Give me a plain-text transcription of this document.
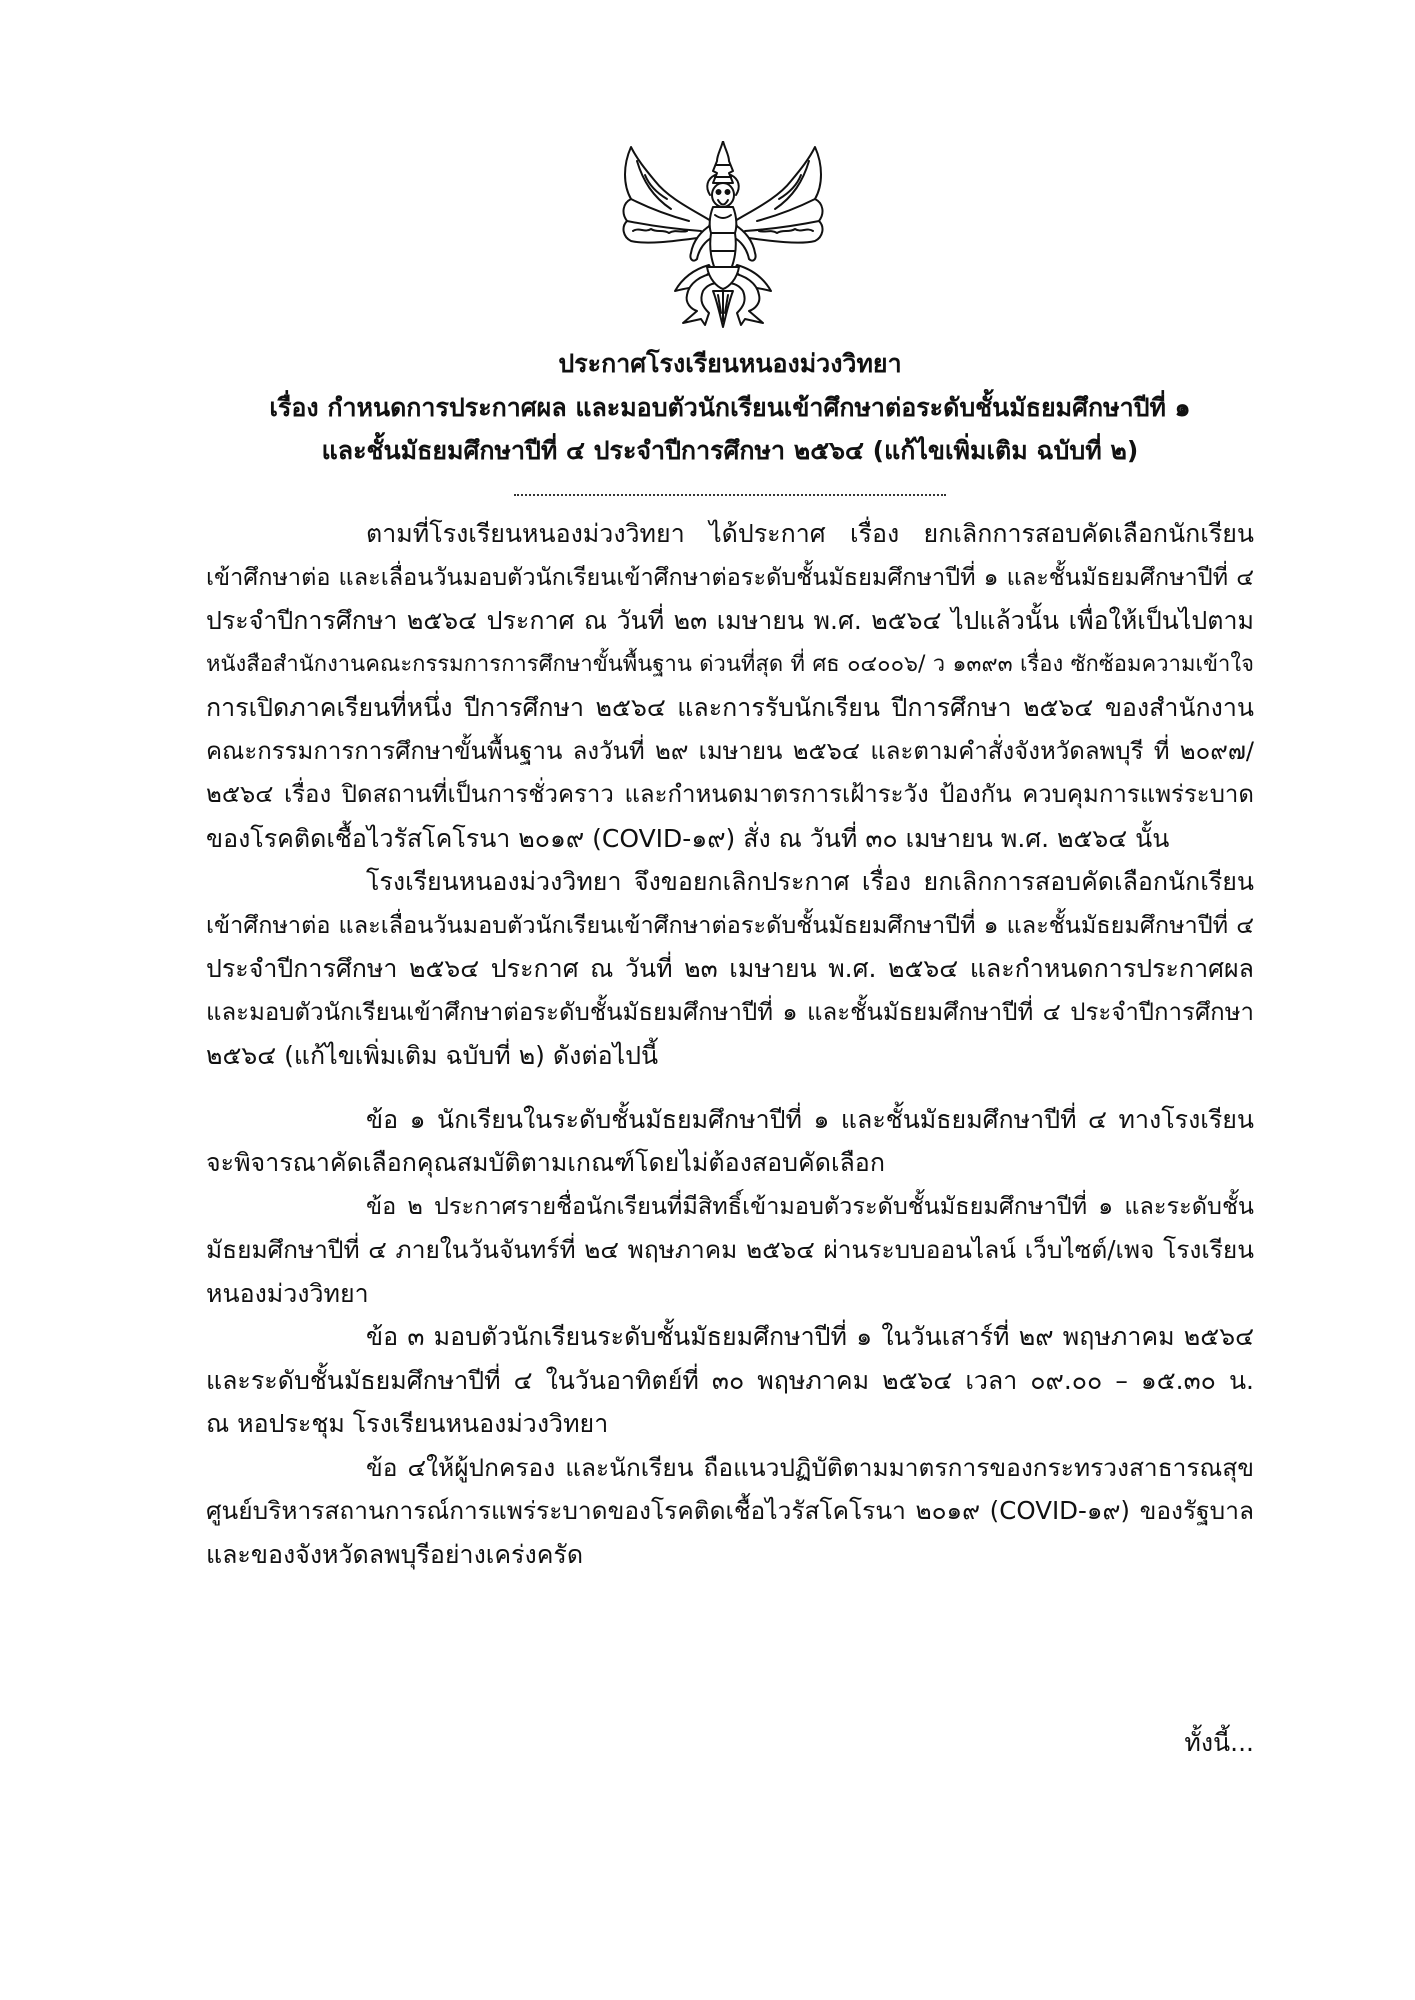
ประกาศโรงเรียนหนองม่วงวิทยา
เรื่อง กำหนดการประกาศผล และมอบตัวนักเรียนเข้าศึกษาต่อระดับชั้นมัธยมศึกษาปีที่ ๑
และชั้นมัธยมศึกษาปีที่ ๔ ประจำปีการศึกษา ๒๕๖๔ (แก้ไขเพิ่มเติม ฉบับที่ ๒)
ตามที่โรงเรียนหนองม่วงวิทยา ได้ประกาศ เรื่อง ยกเลิกการสอบคัดเลือกนักเรียน
เข้าศึกษาต่อ และเลื่อนวันมอบตัวนักเรียนเข้าศึกษาต่อระดับชั้นมัธยมศึกษาปีที่ ๑ และชั้นมัธยมศึกษาปีที่ ๔
ประจำปีการศึกษา ๒๕๖๔ ประกาศ ณ วันที่ ๒๓ เมษายน พ.ศ. ๒๕๖๔ ไปแล้วนั้น เพื่อให้เป็นไปตาม
หนังสือสำนักงานคณะกรรมการการศึกษาขั้นพื้นฐาน ด่วนที่สุด ที่ ศธ ๐๔๐๐๖/ ว ๑๓๙๓ เรื่อง ซักซ้อมความเข้าใจ
การเปิดภาคเรียนที่หนึ่ง ปีการศึกษา ๒๕๖๔ และการรับนักเรียน ปีการศึกษา ๒๕๖๔ ของสำนักงาน
คณะกรรมการการศึกษาขั้นพื้นฐาน ลงวันที่ ๒๙ เมษายน ๒๕๖๔ และตามคำสั่งจังหวัดลพบุรี ที่ ๒๐๙๗/
๒๕๖๔ เรื่อง ปิดสถานที่เป็นการชั่วคราว และกำหนดมาตรการเฝ้าระวัง ป้องกัน ควบคุมการแพร่ระบาด
ของโรคติดเชื้อไวรัสโคโรนา ๒๐๑๙ (COVID-๑๙) สั่ง ณ วันที่ ๓๐ เมษายน พ.ศ. ๒๕๖๔ นั้น
โรงเรียนหนองม่วงวิทยา จึงขอยกเลิกประกาศ เรื่อง ยกเลิกการสอบคัดเลือกนักเรียน
เข้าศึกษาต่อ และเลื่อนวันมอบตัวนักเรียนเข้าศึกษาต่อระดับชั้นมัธยมศึกษาปีที่ ๑ และชั้นมัธยมศึกษาปีที่ ๔
ประจำปีการศึกษา ๒๕๖๔ ประกาศ ณ วันที่ ๒๓ เมษายน พ.ศ. ๒๕๖๔ และกำหนดการประกาศผล
และมอบตัวนักเรียนเข้าศึกษาต่อระดับชั้นมัธยมศึกษาปีที่ ๑ และชั้นมัธยมศึกษาปีที่ ๔ ประจำปีการศึกษา
๒๕๖๔ (แก้ไขเพิ่มเติม ฉบับที่ ๒) ดังต่อไปนี้
ข้อ ๑ นักเรียนในระดับชั้นมัธยมศึกษาปีที่ ๑ และชั้นมัธยมศึกษาปีที่ ๔ ทางโรงเรียน
จะพิจารณาคัดเลือกคุณสมบัติตามเกณฑ์โดยไม่ต้องสอบคัดเลือก
ข้อ ๒ ประกาศรายชื่อนักเรียนที่มีสิทธิ์เข้ามอบตัวระดับชั้นมัธยมศึกษาปีที่ ๑ และระดับชั้น
มัธยมศึกษาปีที่ ๔ ภายในวันจันทร์ที่ ๒๔ พฤษภาคม ๒๕๖๔ ผ่านระบบออนไลน์ เว็บไซต์/เพจ โรงเรียน
หนองม่วงวิทยา
ข้อ ๓ มอบตัวนักเรียนระดับชั้นมัธยมศึกษาปีที่ ๑ ในวันเสาร์ที่ ๒๙ พฤษภาคม ๒๕๖๔
และระดับชั้นมัธยมศึกษาปีที่ ๔ ในวันอาทิตย์ที่ ๓๐ พฤษภาคม ๒๕๖๔ เวลา ๐๙.๐๐ – ๑๕.๓๐ น.
ณ หอประชุม โรงเรียนหนองม่วงวิทยา
ข้อ ๔ให้ผู้ปกครอง และนักเรียน ถือแนวปฏิบัติตามมาตรการของกระทรวงสาธารณสุข
ศูนย์บริหารสถานการณ์การแพร่ระบาดของโรคติดเชื้อไวรัสโคโรนา ๒๐๑๙ (COVID-๑๙) ของรัฐบาล
และของจังหวัดลพบุรีอย่างเคร่งครัด
ทั้งนี้...
